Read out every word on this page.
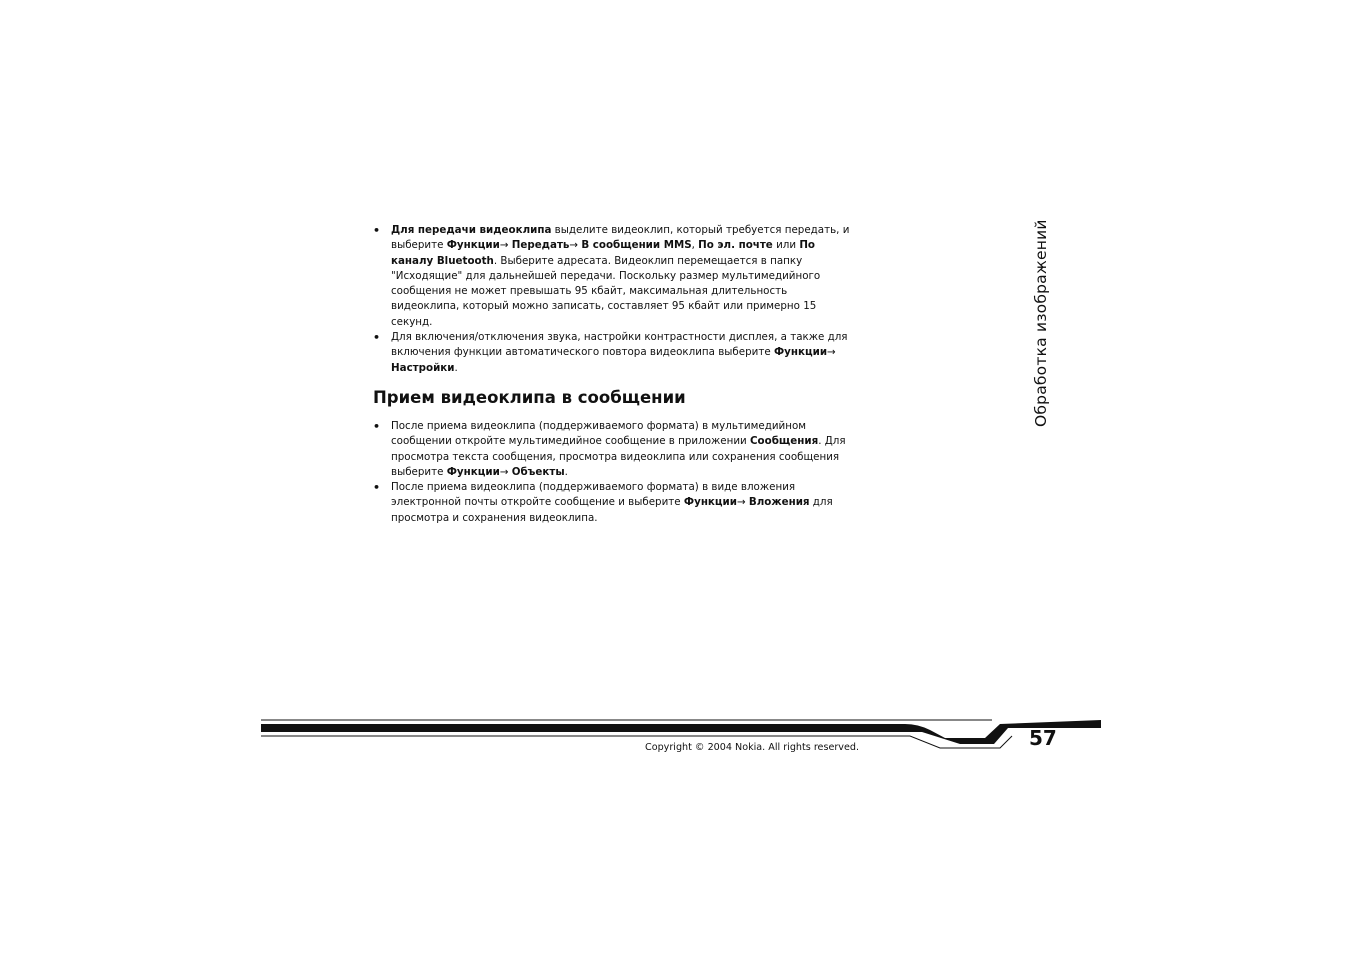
• Для передачи видеоклипа выделите видеоклип, который требуется передать, и выберите Функции→ Передать→ В сообщении MMS, По эл. почте или По каналу Bluetooth. Выберите адресата. Видеоклип перемещается в папку "Исходящие" для дальнейшей передачи. Поскольку размер мультимедийного сообщения не может превышать 95 кбайт, максимальная длительность видеоклипа, который можно записать, составляет 95 кбайт или примерно 15 секунд.
• Для включения/отключения звука, настройки контрастности дисплея, а также для включения функции автоматического повтора видеоклипа выберите Функции→ Настройки.
Прием видеоклипа в сообщении
• После приема видеоклипа (поддерживаемого формата) в мультимедийном сообщении откройте мультимедийное сообщение в приложении Сообщения. Для просмотра текста сообщения, просмотра видеоклипа или сохранения сообщения выберите Функции→ Объекты.
• После приема видеоклипа (поддерживаемого формата) в виде вложения электронной почты откройте сообщение и выберите Функции→ Вложения для просмотра и сохранения видеоклипа.
Обработка изображений
Copyright © 2004 Nokia. All rights reserved.	57
